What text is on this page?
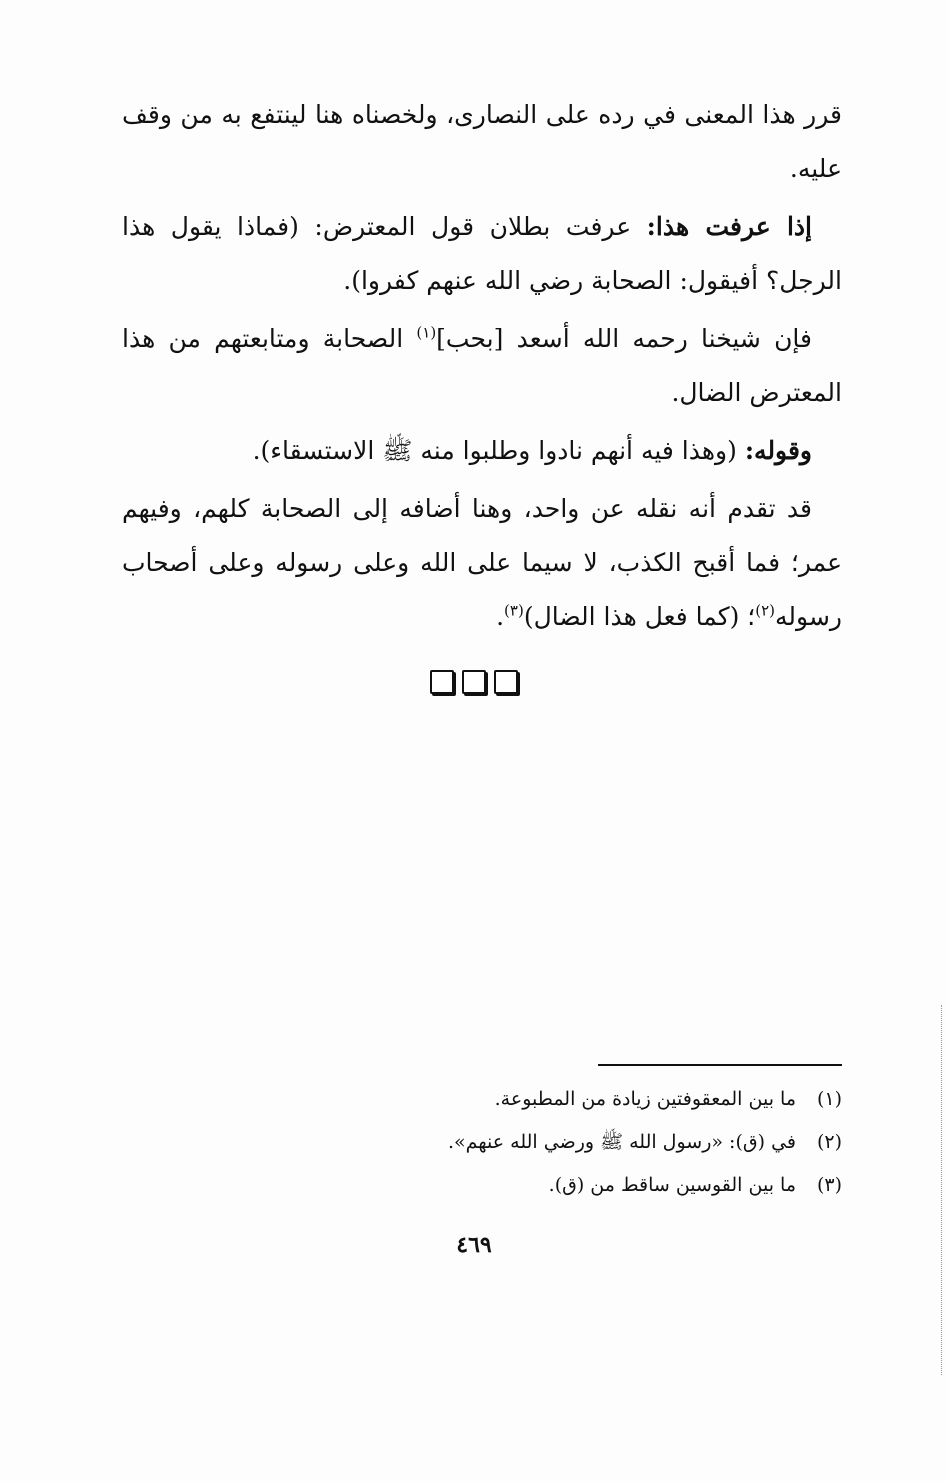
قرر هذا المعنى في رده على النصارى، ولخصناه هنا لينتفع به من وقف عليه.

إذا عرفت هذا: عرفت بطلان قول المعترض: (فماذا يقول هذا الرجل؟ أفيقول: الصحابة رضي الله عنهم كفروا).

فإن شيخنا رحمه الله أسعد [بحب]$^{(١)}$ الصحابة ومتابعتهم من هذا المعترض الضال.

وقوله: (وهذا فيه أنهم نادوا وطلبوا منه ﷺ الاستسقاء).

قد تقدم أنه نقله عن واحد، وهنا أضافه إلى الصحابة كلهم، وفيهم عمر؛ فما أقبح الكذب، لا سيما على الله وعلى رسوله وعلى أصحاب رسوله$^{(٢)}$؛ (كما فعل هذا الضال)$^{(٣)}$.

(١)
ما بين المعقوفتين زيادة من المطبوعة.
(٢)
في (ق): «رسول الله ﷺ ورضي الله عنهم».
(٣)
ما بين القوسين ساقط من (ق).
٤٦٩
